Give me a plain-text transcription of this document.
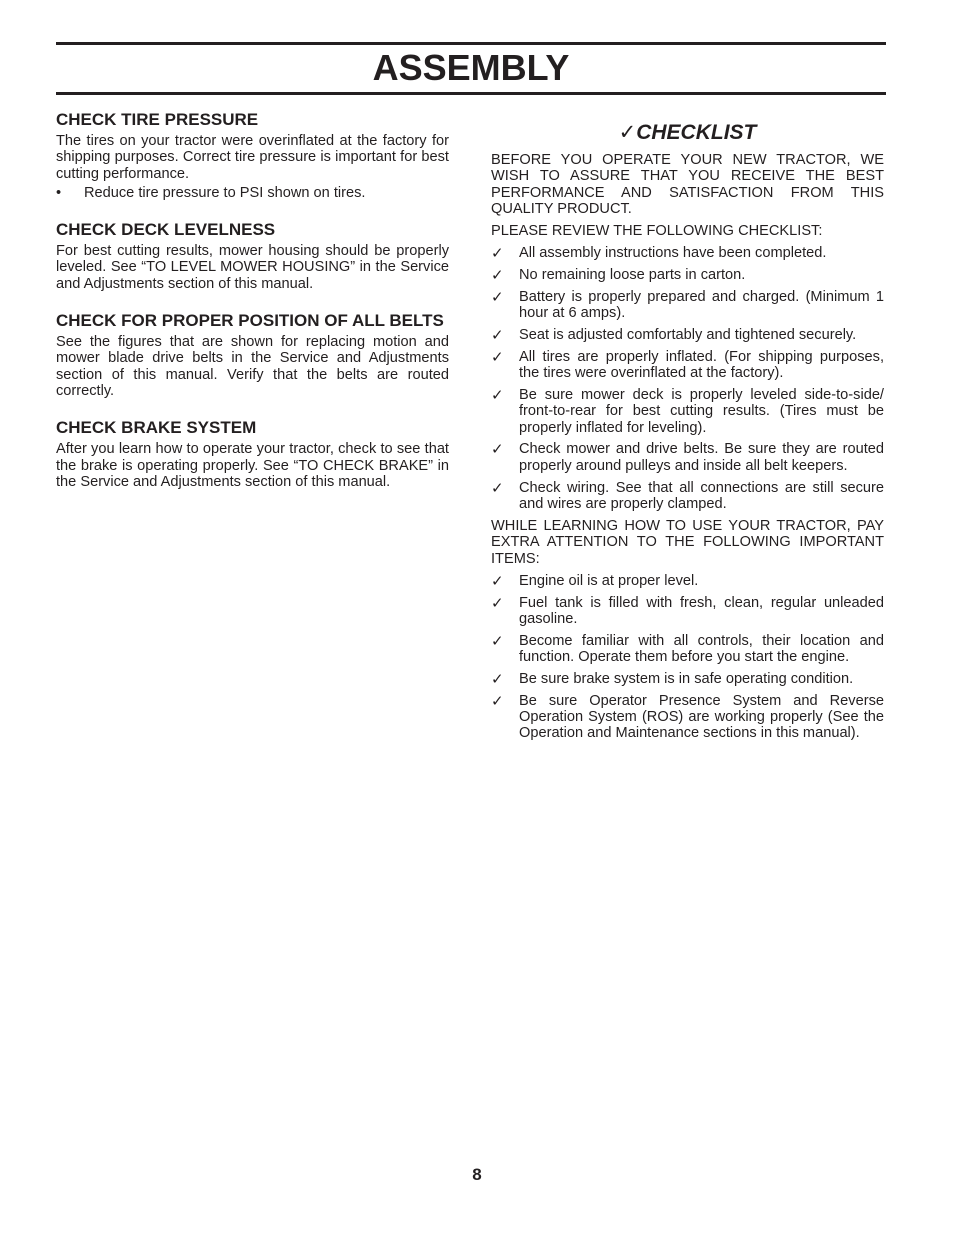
ASSEMBLY
CHECK TIRE PRESSURE

The tires on your tractor were overinflated at the factory for shipping purposes. Correct tire pressure is important for best cutting performance.

•	Reduce tire pressure to PSI shown on tires.
CHECK DECK LEVELNESS

For best cutting results, mower housing should be properly leveled. See “TO LEVEL MOWER HOUSING” in the Service and Adjustments section of this manual.

CHECK FOR PROPER POSITION OF ALL BELTS

See the figures that are shown for replacing motion and mower blade drive belts in the Service and Adjustments section of this manual. Verify that the belts are routed correctly.

CHECK BRAKE SYSTEM

After you learn how to operate your tractor, check to see that the brake is operating properly. See “TO CHECK BRAKE” in the Service and Adjustments section of this manual.

✓CHECKLIST

BEFORE YOU OPERATE YOUR NEW TRACTOR, WE WISH TO ASSURE THAT YOU RECEIVE THE BEST PERFORMANCE AND SATISFACTION FROM THIS QUALITY PRODUCT.

PLEASE REVIEW THE FOLLOWING CHECKLIST:

✓	All assembly instructions have been completed.
✓	No remaining loose parts in carton.
✓	Battery is properly prepared and charged. (Minimum 1 hour at 6 amps).
✓	Seat is adjusted comfortably and tightened securely.
✓	All tires are properly inflated. (For shipping purposes, the tires were overinflated at the factory).
✓	Be sure mower deck is properly leveled side-to-side/ front-to-rear for best cutting results. (Tires must be properly inflated for leveling).
✓	Check mower and drive belts. Be sure they are routed properly around pulleys and inside all belt keepers.
✓	Check wiring. See that all connections are still secure and wires are properly clamped.

WHILE LEARNING HOW TO USE YOUR TRACTOR, PAY EXTRA ATTENTION TO THE FOLLOWING IMPORTANT ITEMS:

✓	Engine oil is at proper level.
✓	Fuel tank is filled with fresh, clean, regular unleaded gasoline.
✓	Become familiar with all controls, their location and function. Operate them before you start the engine.
✓	Be sure brake system is in safe operating condition.
✓	Be sure Operator Presence System and Reverse Operation System (ROS) are working properly (See the Operation and Maintenance sections in this manual).
8
